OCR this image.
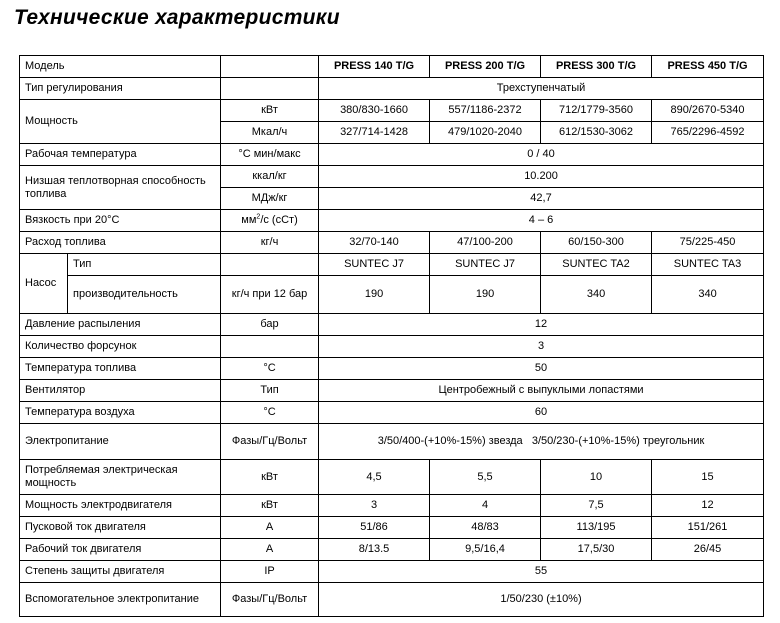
Технические характеристики
Модель			PRESS 140 T/G	PRESS 200 T/G	PRESS 300 T/G	PRESS 450 T/G
Тип регулирования			Трехступенчатый			
Мощность		кВт	380/830-1660	557/1186-2372	712/1779-3560	890/2670-5340
		Мкал/ч	327/714-1428	479/1020-2040	612/1530-3062	765/2296-4592
Рабочая температура		°С мин/макс	0 / 40			
Низшая теплотворная способность топлива		ккал/кг	10.200			
		МДж/кг	42,7			
Вязкость при 20°С		$мм^2/с$ (сСт)	4 – 6			
Расход топлива		кг/ч	32/70-140	47/100-200	60/150-300	75/225-450
Насос	Тип		SUNTEC J7	SUNTEC J7	SUNTEC TA2	SUNTEC TA3
	производительность	кг/ч при 12 бар	190	190	340	340
Давление распыления		бар	12			
Количество форсунок			3			
Температура топлива		°С	50			
Вентилятор		Тип	Центробежный с выпуклыми лопастями			
Температура воздуха		°С	60			
Электропитание		Фазы/Гц/Вольт	3/50/400-(+10%-15%) звезда 3/50/230-(+10%-15%) треугольник			
Потребляемая электрическая мощность		кВт	4,5	5,5	10	15
Мощность электродвигателя		кВт	3	4	7,5	12
Пусковой ток двигателя		А	51/86	48/83	113/195	151/261
Рабочий ток двигателя		А	8/13.5	9,5/16,4	17,5/30	26/45
Степень защиты двигателя		IP	55			
Вспомогательное электропитание		Фазы/Гц/Вольт	1/50/230 (±10%)			
